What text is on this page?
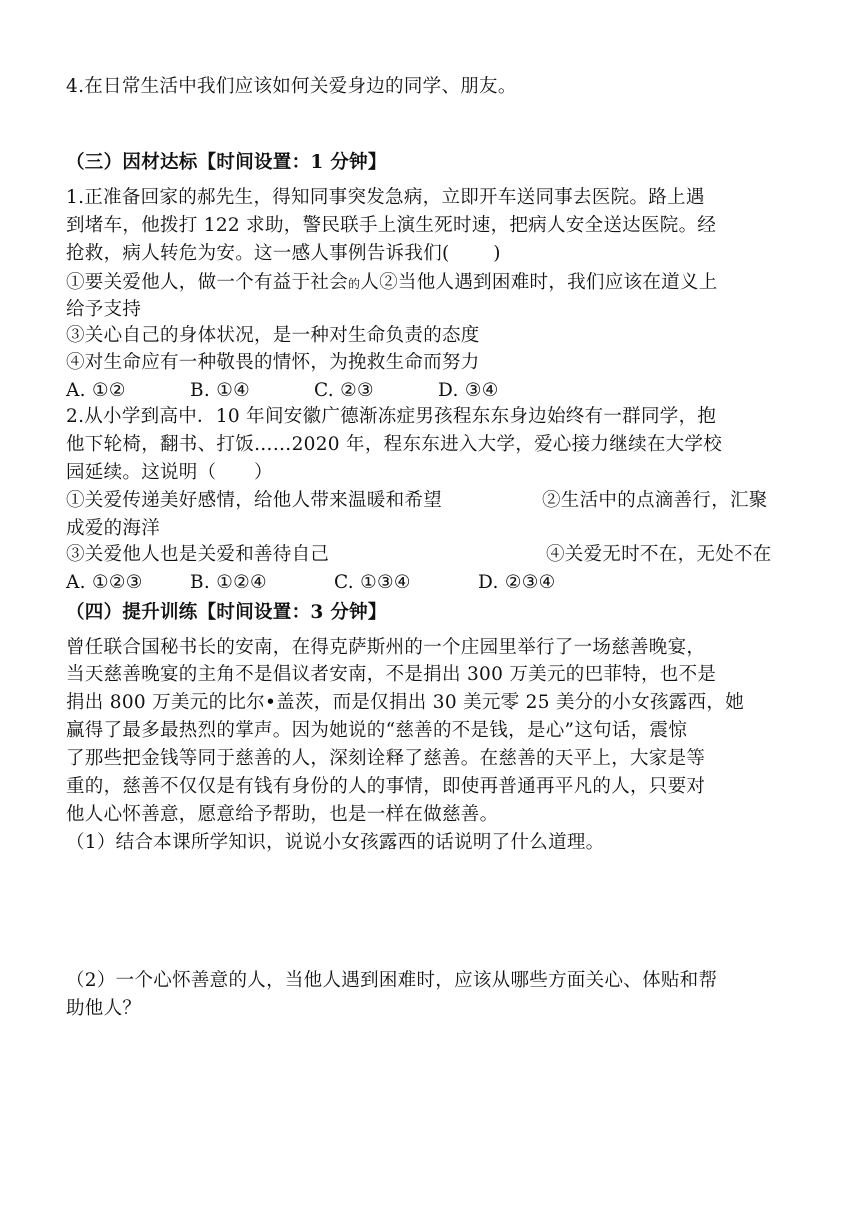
4.在日常生活中我们应该如何关爱身边的同学、朋友。
（三）因材达标【时间设置：1 分钟】
1.正准备回家的郝先生，得知同事突发急病，立即开车送同事去医院。路上遇
到堵车，他拨打 122 求助，警民联手上演生死时速，把病人安全送达医院。经
抢救，病人转危为安。这一感人事例告诉我们(　　 )
①要关爱他人，做一个有益于社会的人②当他人遇到困难时，我们应该在道义上
给予支持
③关心自己的身体状况，是一种对生命负责的态度
④对生命应有一种敬畏的情怀，为挽救生命而努力
A. ①②	B. ①④	C. ②③	D. ③④
2.从小学到高中．10 年间安徽广德渐冻症男孩程东东身边始终有一群同学，抱
他下轮椅，翻书、打饭……2020 年，程东东进入大学，爱心接力继续在大学校
园延续。这说明（　　）
①关爱传递美好感情，给他人带来温暖和希望	②生活中的点滴善行，汇聚
成爱的海洋
③关爱他人也是关爱和善待自己	④关爱无时不在，无处不在
A. ①②③	B. ①②④	C. ①③④	D. ②③④
（四）提升训练【时间设置：3 分钟】
曾任联合国秘书长的安南，在得克萨斯州的一个庄园里举行了一场慈善晚宴，
当天慈善晚宴的主角不是倡议者安南，不是捐出 300 万美元的巴菲特，也不是
捐出 800 万美元的比尔•盖茨，而是仅捐出 30 美元零 25 美分的小女孩露西，她
赢得了最多最热烈的掌声。因为她说的“慈善的不是钱，是心”这句话，震惊
了那些把金钱等同于慈善的人，深刻诠释了慈善。在慈善的天平上，大家是等
重的，慈善不仅仅是有钱有身份的人的事情，即使再普通再平凡的人，只要对
他人心怀善意，愿意给予帮助，也是一样在做慈善。
（1）结合本课所学知识，说说小女孩露西的话说明了什么道理。
（2）一个心怀善意的人，当他人遇到困难时，应该从哪些方面关心、体贴和帮
助他人？
